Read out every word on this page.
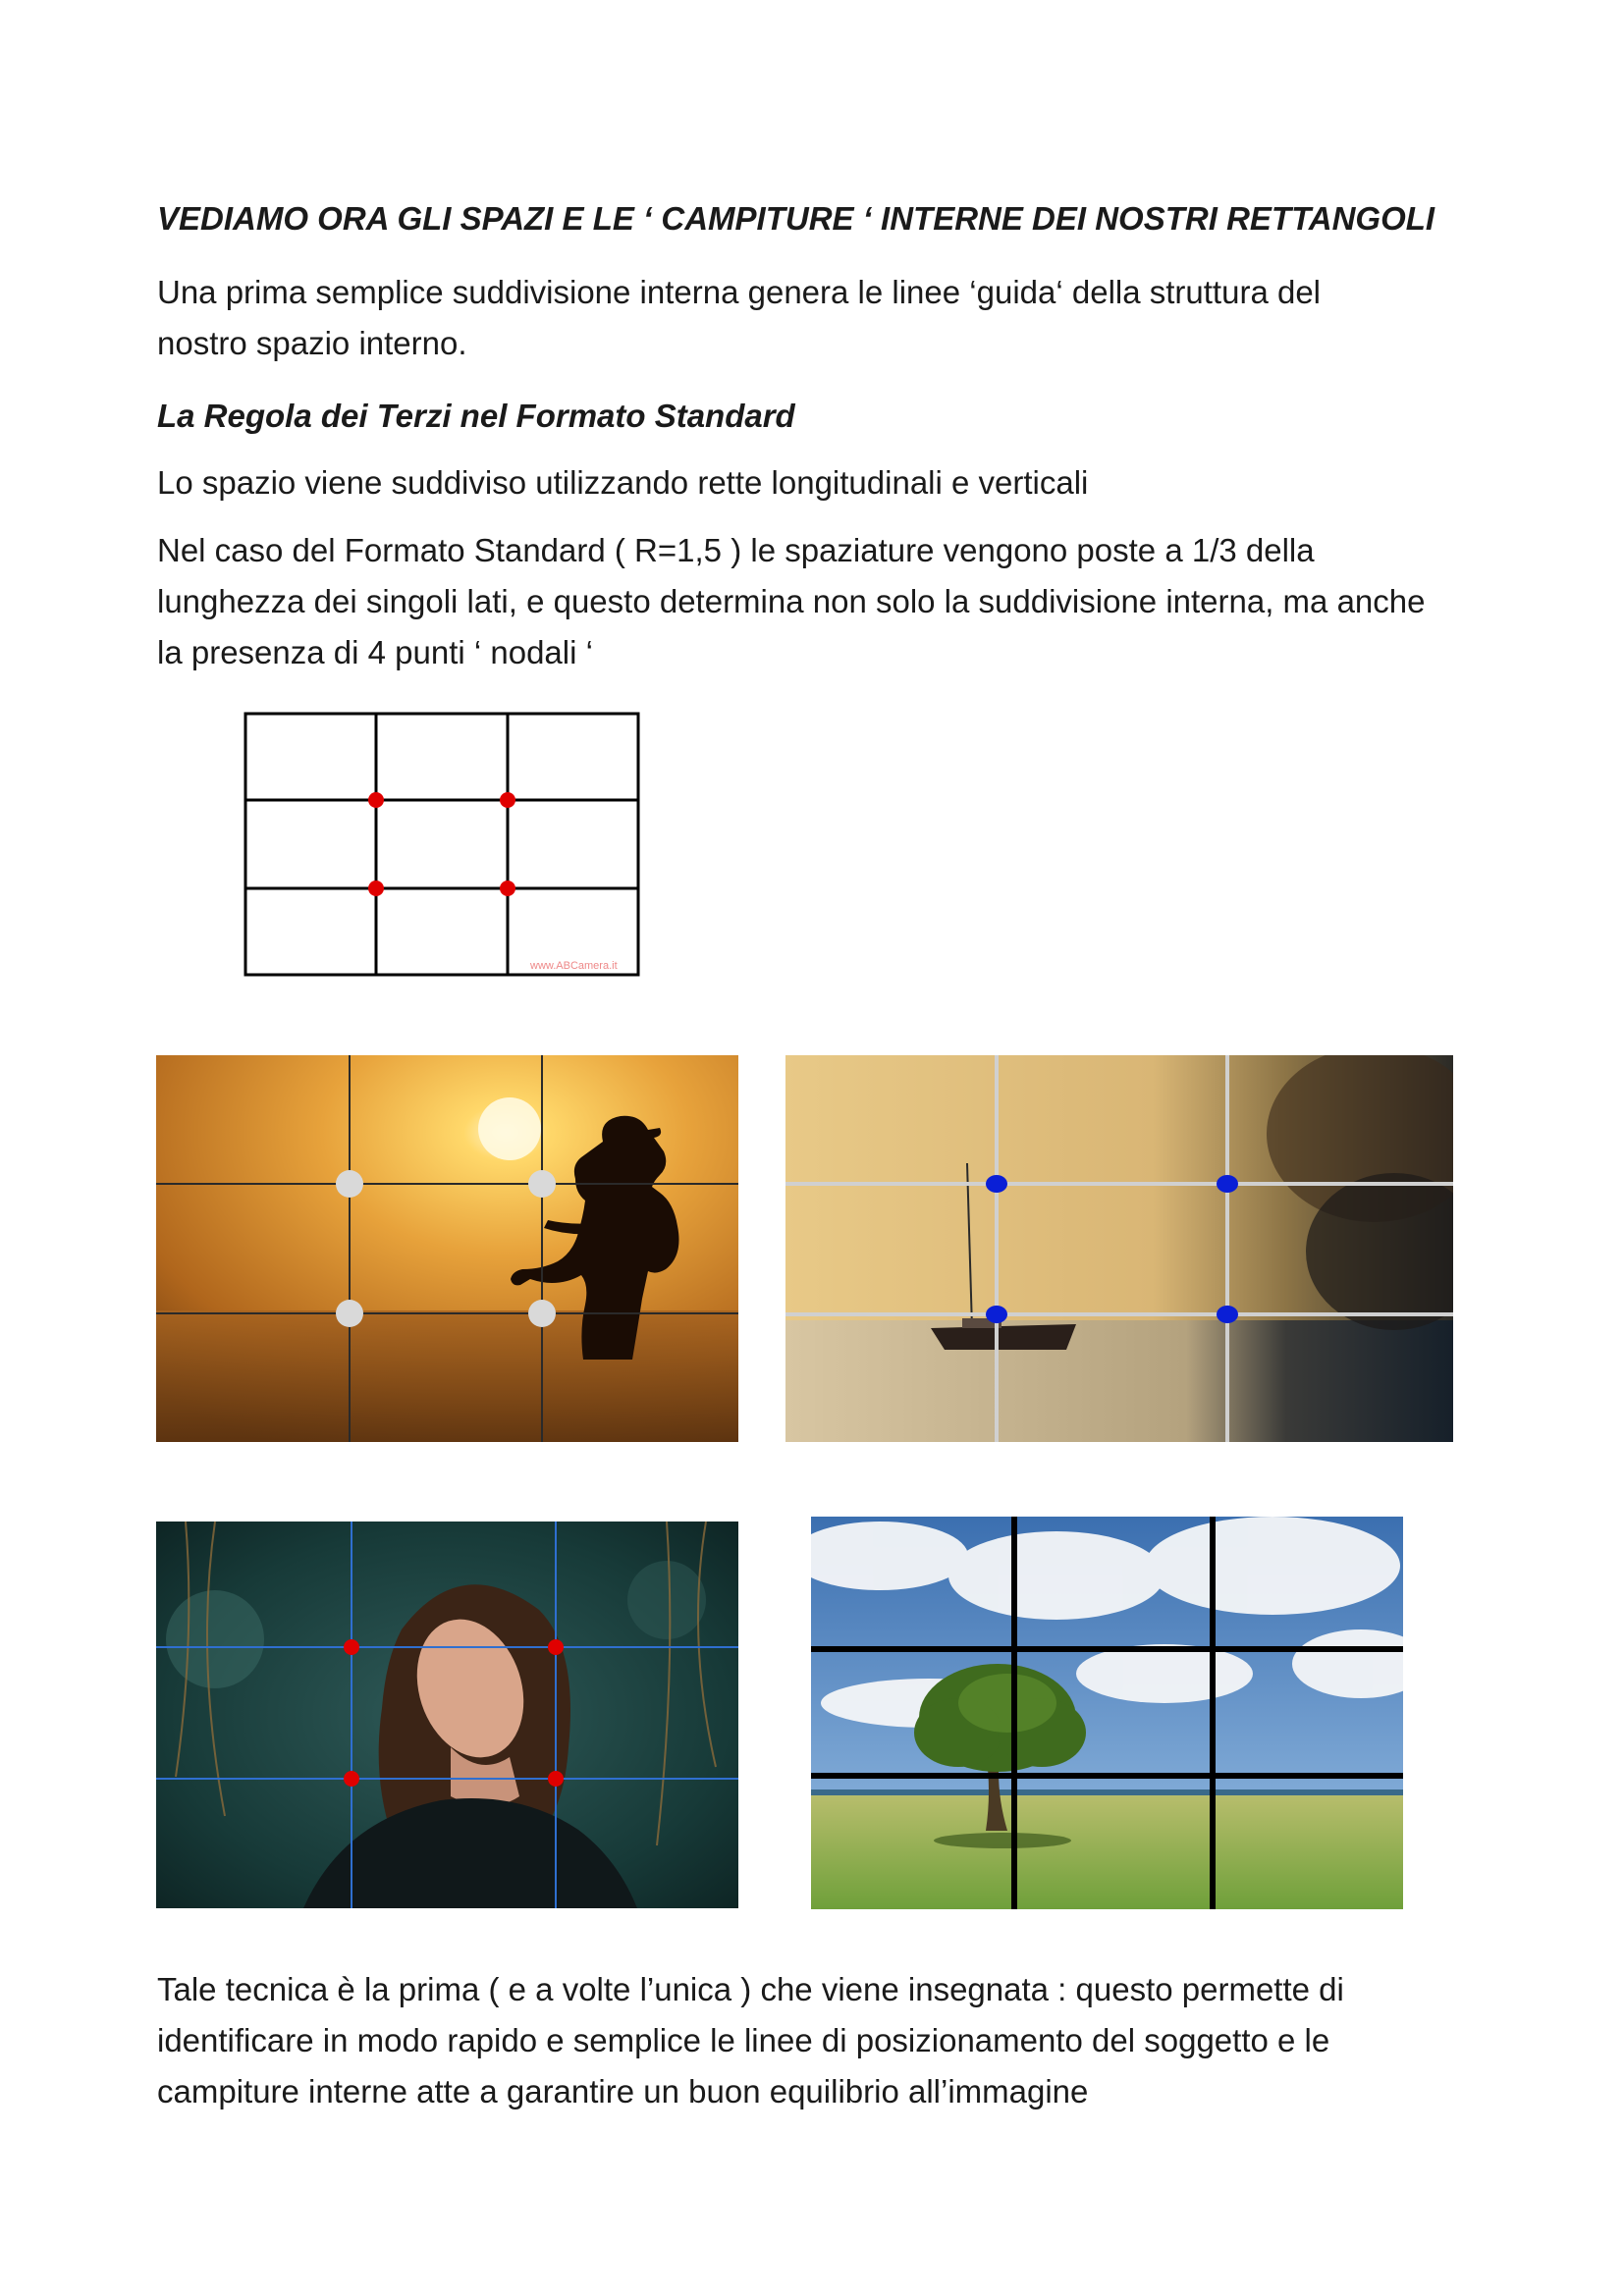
VEDIAMO ORA GLI SPAZI E LE ‘ CAMPITURE ‘ INTERNE DEI NOSTRI RETTANGOLI

Una prima semplice suddivisione interna genera le linee ‘guida‘ della struttura del nostro spazio interno.

La Regola dei Terzi nel Formato Standard

Lo spazio viene suddiviso utilizzando rette longitudinali e verticali

Nel caso del Formato Standard ( R=1,5 ) le spaziature vengono poste a 1/3 della lunghezza dei singoli lati, e questo determina non solo la suddivisione interna, ma anche la presenza di 4 punti ‘ nodali ‘

www.ABCamera.it

Tale tecnica è la prima ( e a volte l’unica ) che viene insegnata : questo permette di identificare in modo rapido e semplice le linee di posizionamento del soggetto e le campiture interne atte a garantire un buon equilibrio all’immagine
